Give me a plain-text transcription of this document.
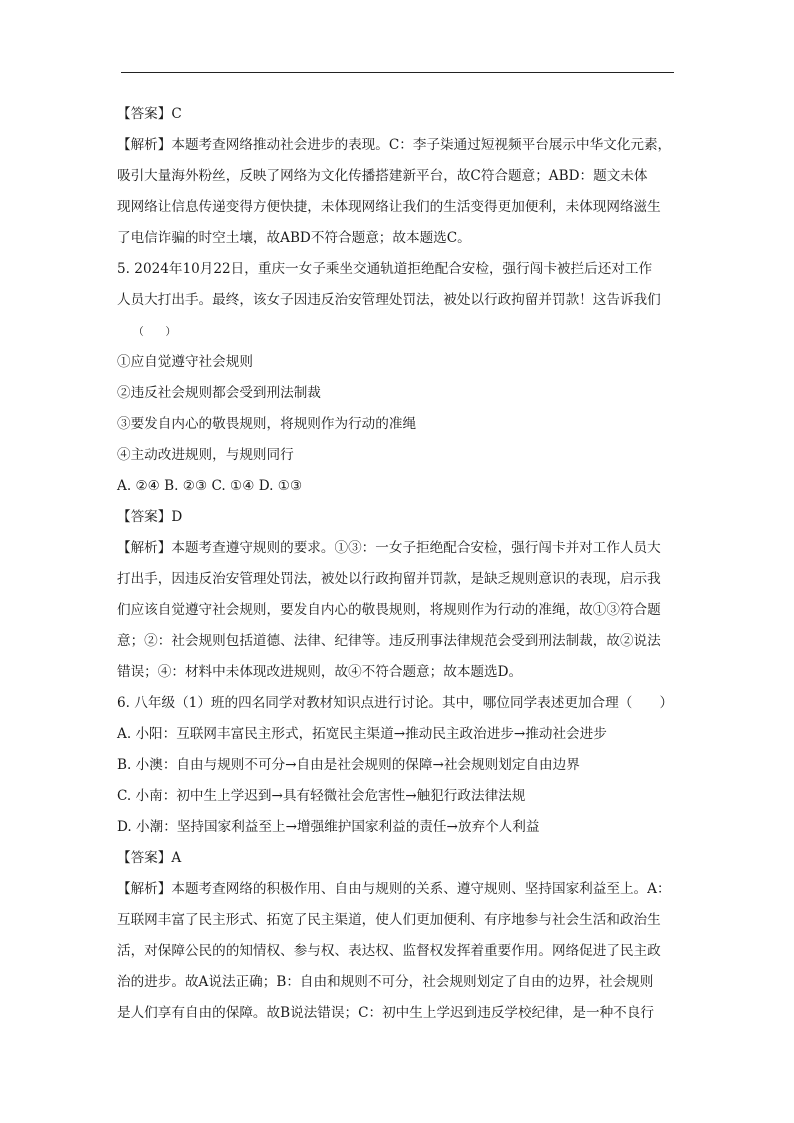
【答案】C
【解析】本题考查网络推动社会进步的表现。C：李子柒通过短视频平台展示中华文化元素，
吸引大量海外粉丝，反映了网络为文化传播搭建新平台，故C符合题意；ABD：题文未体
现网络让信息传递变得方便快捷，未体现网络让我们的生活变得更加便利，未体现网络滋生
了电信诈骗的时空土壤，故ABD不符合题意；故本题选C。
5. 2024年10月22日，重庆一女子乘坐交通轨道拒绝配合安检，强行闯卡被拦后还对工作
人员大打出手。最终，该女子因违反治安管理处罚法，被处以行政拘留并罚款！这告诉我们
（　　）
①应自觉遵守社会规则
②违反社会规则都会受到刑法制裁
③要发自内心的敬畏规则，将规则作为行动的准绳
④主动改进规则，与规则同行
A. ②④ B. ②③ C. ①④ D. ①③
【答案】D
【解析】本题考查遵守规则的要求。①③：一女子拒绝配合安检，强行闯卡并对工作人员大
打出手，因违反治安管理处罚法，被处以行政拘留并罚款，是缺乏规则意识的表现，启示我
们应该自觉遵守社会规则，要发自内心的敬畏规则，将规则作为行动的准绳，故①③符合题
意；②：社会规则包括道德、法律、纪律等。违反刑事法律规范会受到刑法制裁，故②说法
错误；④：材料中未体现改进规则，故④不符合题意；故本题选D。
6. 八年级（1）班的四名同学对教材知识点进行讨论。其中，哪位同学表述更加合理（　　）
A. 小阳：互联网丰富民主形式，拓宽民主渠道→推动民主政治进步→推动社会进步
B. 小澳：自由与规则不可分→自由是社会规则的保障→社会规则划定自由边界
C. 小南：初中生上学迟到→具有轻微社会危害性→触犯行政法律法规
D. 小潮：坚持国家利益至上→增强维护国家利益的责任→放弃个人利益
【答案】A
【解析】本题考查网络的积极作用、自由与规则的关系、遵守规则、坚持国家利益至上。A：
互联网丰富了民主形式、拓宽了民主渠道，使人们更加便利、有序地参与社会生活和政治生
活，对保障公民的的知情权、参与权、表达权、监督权发挥着重要作用。网络促进了民主政
治的进步。故A说法正确；B：自由和规则不可分，社会规则划定了自由的边界，社会规则
是人们享有自由的保障。故B说法错误；C：初中生上学迟到违反学校纪律，是一种不良行
